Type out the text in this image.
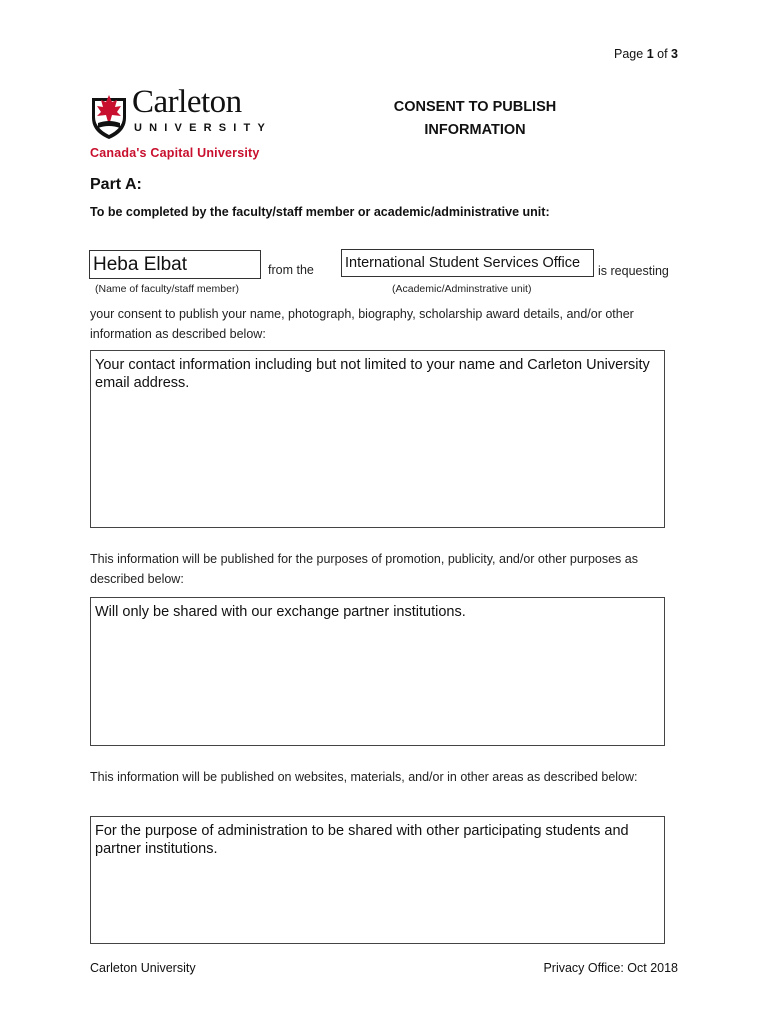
Page 1 of 3
Carleton
UNIVERSITY
Canada's Capital University
CONSENT TO PUBLISH
INFORMATION
Part A:
To be completed by the faculty/staff member or academic/administrative unit:
Heba Elbat	from the International Student Services Office	is requesting
(Name of faculty/staff member)	(Academic/Adminstrative unit)
your consent to publish your name, photograph, biography, scholarship award details, and/or other information as described below:
Your contact information including but not limited to your name and Carleton University email address.
This information will be published for the purposes of promotion, publicity, and/or other purposes as described below:
Will only be shared with our exchange partner institutions.
This information will be published on websites, materials, and/or in other areas as described below:
For the purpose of administration to be shared with other participating students and partner institutions.
Carleton University	Privacy Office: Oct 2018
